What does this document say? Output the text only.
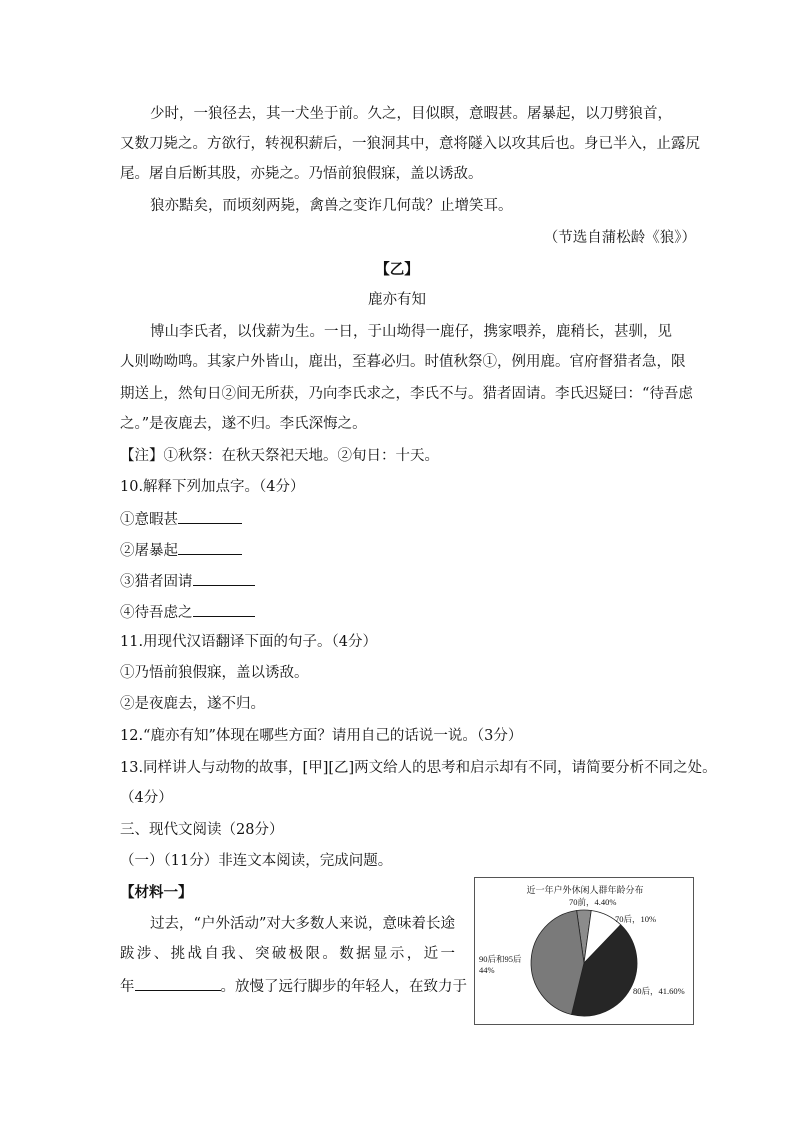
少时，一狼径去，其一犬坐于前。久之，目似瞑，意暇甚。屠暴起，以刀劈狼首，
又数刀毙之。方欲行，转视积薪后，一狼洞其中，意将隧入以攻其后也。身已半入，止露尻
尾。屠自后断其股，亦毙之。乃悟前狼假寐，盖以诱敌。
狼亦黠矣，而顷刻两毙，禽兽之变诈几何哉？止增笑耳。
（节选自蒲松龄《狼》）
【乙】
鹿亦有知
博山李氏者，以伐薪为生。一日，于山坳得一鹿仔，携家喂养，鹿稍长，甚驯，见
人则呦呦鸣。其家户外皆山，鹿出，至暮必归。时值秋祭①，例用鹿。官府督猎者急，限
期送上，然旬日②间无所获，乃向李氏求之，李氏不与。猎者固请。李氏迟疑曰：“待吾虑
之。”是夜鹿去，遂不归。李氏深悔之。
【注】①秋祭：在秋天祭祀天地。②旬日：十天。
10.解释下列加点字。（4分）
①意暇甚
②屠暴起
③猎者固请
④待吾虑之
11.用现代汉语翻译下面的句子。（4分）
①乃悟前狼假寐，盖以诱敌。
②是夜鹿去，遂不归。
12.“鹿亦有知”体现在哪些方面？请用自己的话说一说。（3分）
13.同样讲人与动物的故事，[甲][乙]两文给人的思考和启示却有不同，请简要分析不同之处。
（4分）
三、现代文阅读（28分）
（一）（11分）非连文本阅读，完成问题。
【材料一】
过去，“户外活动”对大多数人来说，意味着长途
跋涉、挑战自我、突破极限。数据显示，近一
年	。放慢了远行脚步的年轻人，在致力于
近一年户外休闲人群年龄分布
70前，4.40%
70后，10%
80后，41.60%
90后和95后
44%
